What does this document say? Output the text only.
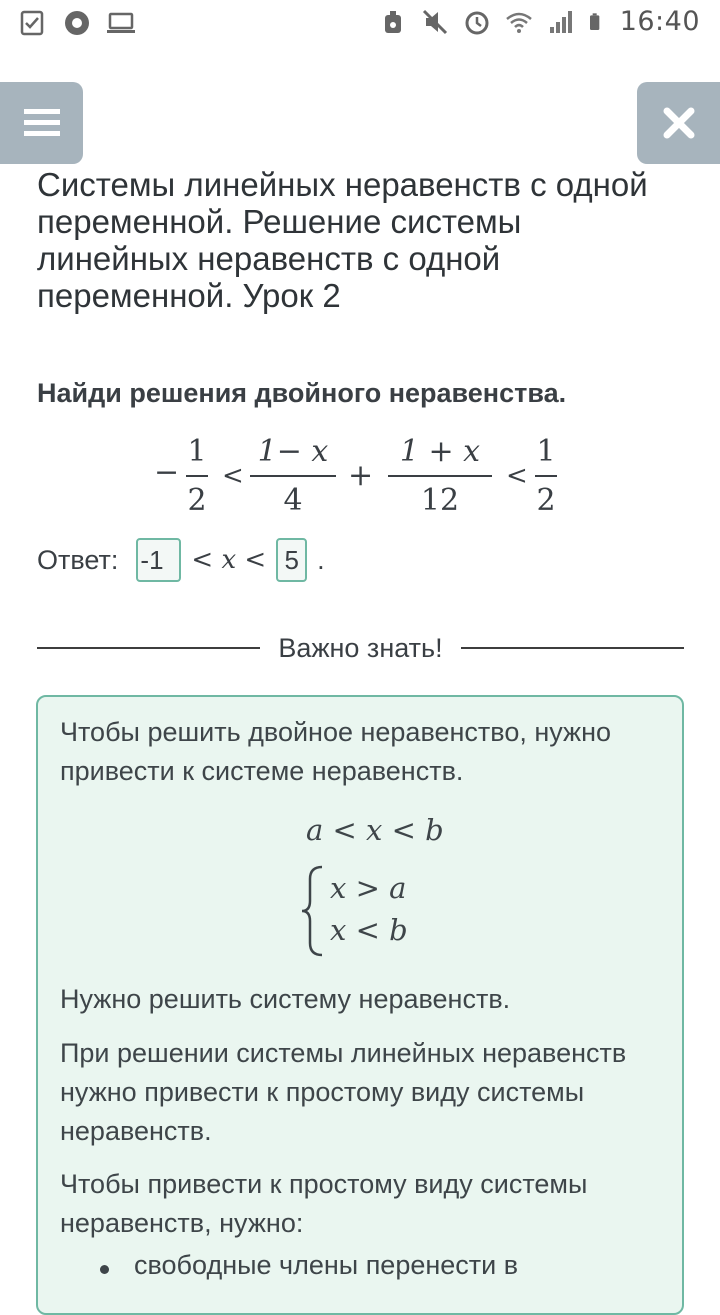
16:40
Системы линейных неравенств с одной переменной. Решение системы линейных неравенств с одной переменной. Урок 2
Найди решения двойного неравенства.
−
1
2
<
1− x
4
+
1 + x
12
<
1
2
Ответ: -1	< x < 5 .
Важно знать!

Чтобы решить двойное неравенство, нужно привести к системе неравенств.

a < x < b
x > a
x < b

Нужно решить систему неравенств.

При решении системы линейных неравенств нужно привести к простому виду системы неравенств.

Чтобы привести к простому виду системы неравенств, нужно:

свободные члены перенести в
